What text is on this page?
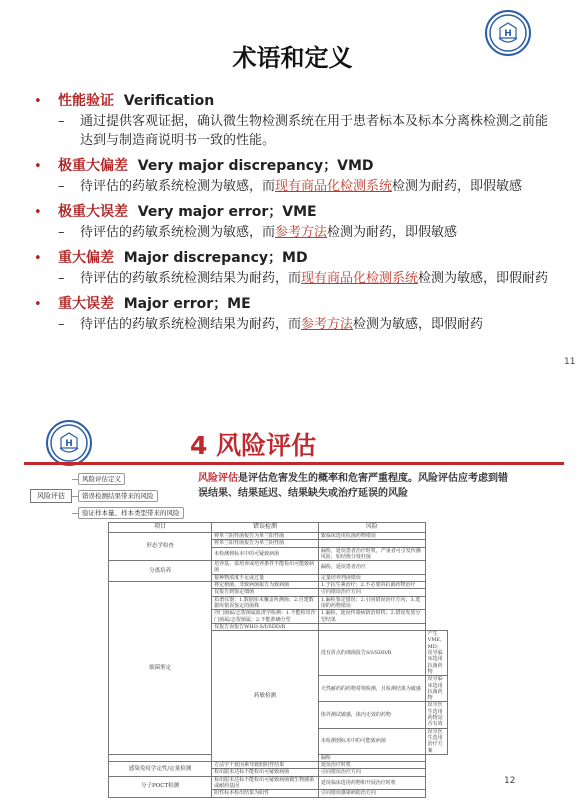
H
术语和定义
•	性能验证 Verification
–	通过提供客观证据，确认微生物检测系统在用于患者标本及标本分离株检测之前能达到与制造商说明书一致的性能。
•	极重大偏差 Very major discrepancy；VMD
–	待评估的药敏系统检测为敏感，而现有商品化检测系统检测为耐药，即假敏感
•	极重大误差 Very major error；VME
–	待评估的药敏系统检测为敏感，而参考方法检测为耐药，即假敏感
•	重大偏差 Major discrepancy；MD
–	待评估的药敏系统检测结果为耐药，而现有商品化检测系统检测为敏感，即假耐药
•	重大误差 Major error；ME
–	待评估的药敏系统检测结果为耐药，而参考方法检测为敏感，即假耐药
11
H	4 风险评估
风险评估
风险评估定义
错误检测结果带来的风险
验证样本量、样本类型带来的风险
风险评估是评估危害发生的概率和危害严重程度。风险评估应考虑到错误结果、结果延迟、结果缺失或治疗延误的风险
项目	错误检测	风险	
形态学检查	将革兰阴性菌报告为革兰阳性菌	致临床选用抗菌药物错误	
	将革兰阳性菌报告为革兰阴性菌		
	未检测到标本中的可疑致病菌	漏检，延误患者治疗时机，严重者可引发传播风险，如结核分枝杆菌	
分离培养	培养基、血培养或培养条件不能检出可能致病菌	漏检，延误患者治疗	
	接种物浓度不足或过量	定量培养判读错误	
细菌鉴定	将定植菌、非致病菌报告为致病菌	1.于抗生素治疗；2.不必要的抗菌药物治疗	
	仅报告到鉴定细菌	引向错误治疗方向	
	质谱仪器：1.数据库未覆盖所测菌；2.自建数据库错误鉴定的菌株	1.漏检鉴定错误；2.引向错误治疗方向；3.选用的药物错误	
	沙门菌属/志贺菌属血清学检测：1.不能检出沙门菌属/志贺菌属；2.不能准确分型	1.漏检，延误传染病防治时机；2.错误发放分型结果	
	仅报告误报告WHO-S/I/SDD/R		
	药敏检测	没有折点的细菌报告S/I/SDD/R	产生VME、MD；误导临床选用抗菌药物
		天然耐药的药物常规检测，且检测结果为敏感	误导临床选用抗菌药物
		体外测试敏感，体内无效的药物	误导医生选用药物是否有效
		未检测到标本中的可能致病菌	误导医生选用治疗方案
		漏检	
感染免疫学定性/定量检测	方法学干扰因素导致假阴性结果	延误治疗时机	
	检出限未达标不能检出可疑致病菌	引向错误治疗方向	
分子POCT检测	检出限未达标不能检出可疑致病菌微生物感染或耐药基因	延误临床选用药物和开展治疗时机	
	阴性标本检出结果为阳性	引向错误感染病防治方向	
12
